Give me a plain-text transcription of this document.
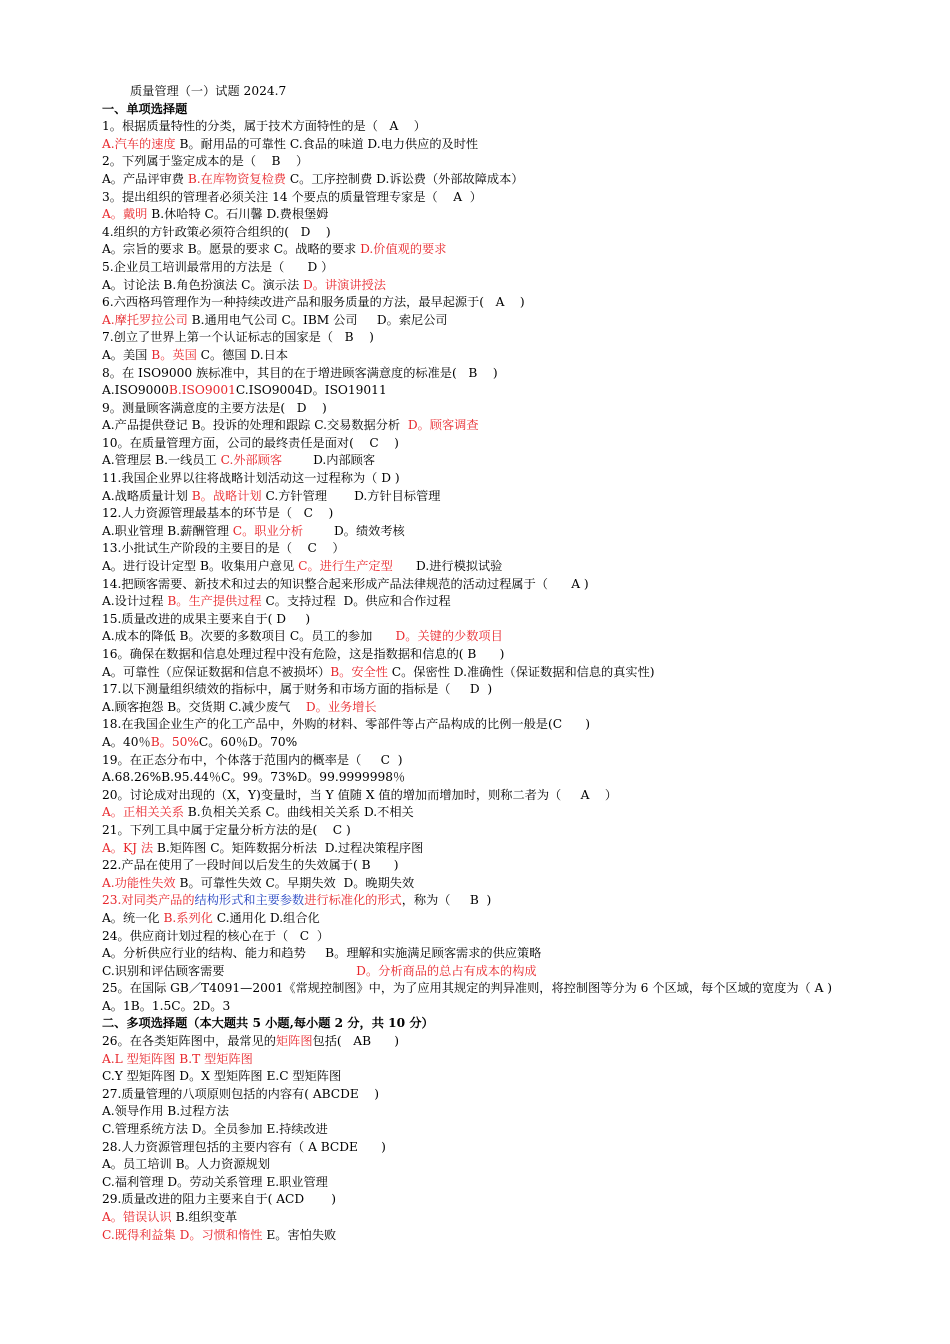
质量管理（一）试题 2024.7
一、单项选择题
1。根据质量特性的分类，属于技术方面特性的是（   A    ）
A.汽车的速度 B。耐用品的可靠性 C.食品的味道 D.电力供应的及时性
2。下列属于鉴定成本的是（    B    ）
A。产品评审费 B.在库物资复检费 C。工序控制费 D.诉讼费（外部故障成本）
3。提出组织的管理者必须关注 14 个要点的质量管理专家是（    A  ）
A。戴明 B.休哈特 C。石川馨 D.费根堡姆
4.组织的方针政策必须符合组织的(   D    )
A。宗旨的要求 B。愿景的要求 C。战略的要求 D.价值观的要求
5.企业员工培训最常用的方法是（      D ）
A。讨论法 B.角色扮演法 C。演示法 D。讲演讲授法
6.六西格玛管理作为一种持续改进产品和服务质量的方法，最早起源于(   A    )
A.摩托罗拉公司 B.通用电气公司 C。IBM 公司     D。索尼公司
7.创立了世界上第一个认证标志的国家是（   B    )
A。美国 B。英国 C。德国 D.日本
8。在 ISO9000 族标准中，其目的在于增进顾客满意度的标准是(   B    )
A.ISO9000B.ISO9001C.ISO9004D。ISO19011
9。测量顾客满意度的主要方法是(   D    )
A.产品提供登记 B。投诉的处理和跟踪 C.交易数据分析  D。顾客调查
10。在质量管理方面，公司的最终责任是面对(    C    )
A.管理层 B.一线员工 C.外部顾客        D.内部顾客
11.我国企业界以往将战略计划活动这一过程称为（ D )
A.战略质量计划 B。战略计划 C.方针管理       D.方针目标管理
12.人力资源管理最基本的环节是（   C    )
A.职业管理 B.薪酬管理 C。职业分析        D。绩效考核
13.小批试生产阶段的主要目的是（    C    ）
A。进行设计定型 B。收集用户意见 C。进行生产定型      D.进行模拟试验
14.把顾客需要、新技术和过去的知识整合起来形成产品法律规范的活动过程属于（      A )
A.设计过程 B。生产提供过程 C。支持过程  D。供应和合作过程
15.质量改进的成果主要来自于( D     )
A.成本的降低 B。次要的多数项目 C。员工的参加      D。关键的少数项目
16。确保在数据和信息处理过程中没有危险，这是指数据和信息的( B      )
A。可靠性（应保证数据和信息不被损坏）B。安全性 C。保密性 D.准确性（保证数据和信息的真实性)
17.以下测量组织绩效的指标中，属于财务和市场方面的指标是（     D  )
A.顾客抱怨 B。交货期 C.减少废气    D。业务增长
18.在我国企业生产的化工产品中，外购的材料、零部件等占产品构成的比例一般是(C      )
A。40％B。50%C。60％D。70%
19。在正态分布中，个体落于范围内的概率是（     C  )
A.68.26%B.95.44％C。99。73%D。99.9999998％
20。讨论成对出现的（X，Y)变量时，当 Y 值随 X 值的增加而增加时，则称二者为（     A    ）
A。正相关关系 B.负相关关系 C。曲线相关关系 D.不相关
21。下列工具中属于定量分析方法的是(    C )
A。KJ 法 B.矩阵图 C。矩阵数据分析法  D.过程决策程序图
22.产品在使用了一段时间以后发生的失效属于( B      )
A.功能性失效 B。可靠性失效 C。早期失效  D。晚期失效
23.对同类产品的结构形式和主要参数进行标准化的形式，称为（     B  )
A。统一化 B.系列化 C.通用化 D.组合化
24。供应商计划过程的核心在于（   C  ）
A。分析供应行业的结构、能力和趋势     B。理解和实施满足顾客需求的供应策略
C.识别和评估顾客需要                                  D。分析商品的总占有成本的构成
25。在国际 GB／T4091—2001《常规控制图》中，为了应用其规定的判异准则，将控制图等分为 6 个区域，每个区域的宽度为（ A )
A。1B。1.5C。2D。3
二、多项选择题（本大题共 5 小题,每小题 2 分，共 10 分）
26。在各类矩阵图中，最常见的矩阵图包括(   AB      )
A.L 型矩阵图 B.T 型矩阵图
C.Y 型矩阵图 D。X 型矩阵图 E.C 型矩阵图
27.质量管理的八项原则包括的内容有( ABCDE    )
A.领导作用 B.过程方法
C.管理系统方法 D。全员参加 E.持续改进
28.人力资源管理包括的主要内容有（ A BCDE      )
A。员工培训 B。人力资源规划
C.福利管理 D。劳动关系管理 E.职业管理
29.质量改进的阻力主要来自于( ACD       )
A。错误认识 B.组织变革
C.既得利益集 D。习惯和惰性 E。害怕失败
